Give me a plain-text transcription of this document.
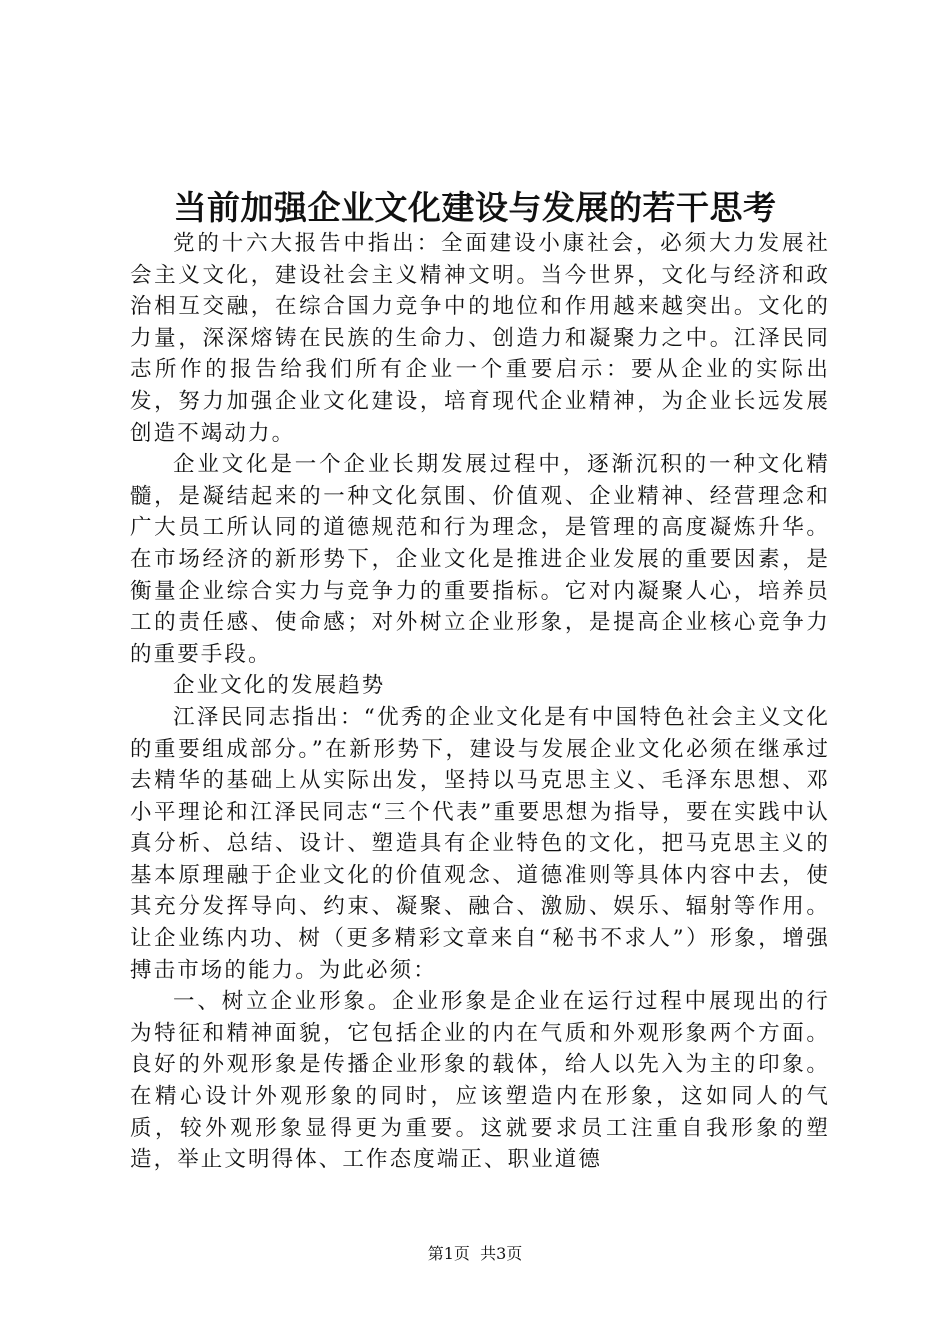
当前加强企业文化建设与发展的若干思考

党的十六大报告中指出：全面建设小康社会，必须大力发展社会主义文化，建设社会主义精神文明。当今世界，文化与经济和政治相互交融，在综合国力竞争中的地位和作用越来越突出。文化的力量，深深熔铸在民族的生命力、创造力和凝聚力之中。江泽民同志所作的报告给我们所有企业一个重要启示：要从企业的实际出发，努力加强企业文化建设，培育现代企业精神，为企业长远发展创造不竭动力。

企业文化是一个企业长期发展过程中，逐渐沉积的一种文化精髓，是凝结起来的一种文化氛围、价值观、企业精神、经营理念和广大员工所认同的道德规范和行为理念，是管理的高度凝炼升华。在市场经济的新形势下，企业文化是推进企业发展的重要因素，是衡量企业综合实力与竞争力的重要指标。它对内凝聚人心，培养员工的责任感、使命感；对外树立企业形象，是提高企业核心竞争力的重要手段。

企业文化的发展趋势

江泽民同志指出：“优秀的企业文化是有中国特色社会主义文化的重要组成部分。”在新形势下，建设与发展企业文化必须在继承过去精华的基础上从实际出发，坚持以马克思主义、毛泽东思想、邓小平理论和江泽民同志“三个代表”重要思想为指导，要在实践中认真分析、总结、设计、塑造具有企业特色的文化，把马克思主义的基本原理融于企业文化的价值观念、道德准则等具体内容中去，使其充分发挥导向、约束、凝聚、融合、激励、娱乐、辐射等作用。让企业练内功、树（更多精彩文章来自“秘书不求人”）形象，增强搏击市场的能力。为此必须：

一、树立企业形象。企业形象是企业在运行过程中展现出的行为特征和精神面貌，它包括企业的内在气质和外观形象两个方面。良好的外观形象是传播企业形象的载体，给人以先入为主的印象。在精心设计外观形象的同时，应该塑造内在形象，这如同人的气质，较外观形象显得更为重要。这就要求员工注重自我形象的塑造，举止文明得体、工作态度端正、职业道德

第1页  共3页
